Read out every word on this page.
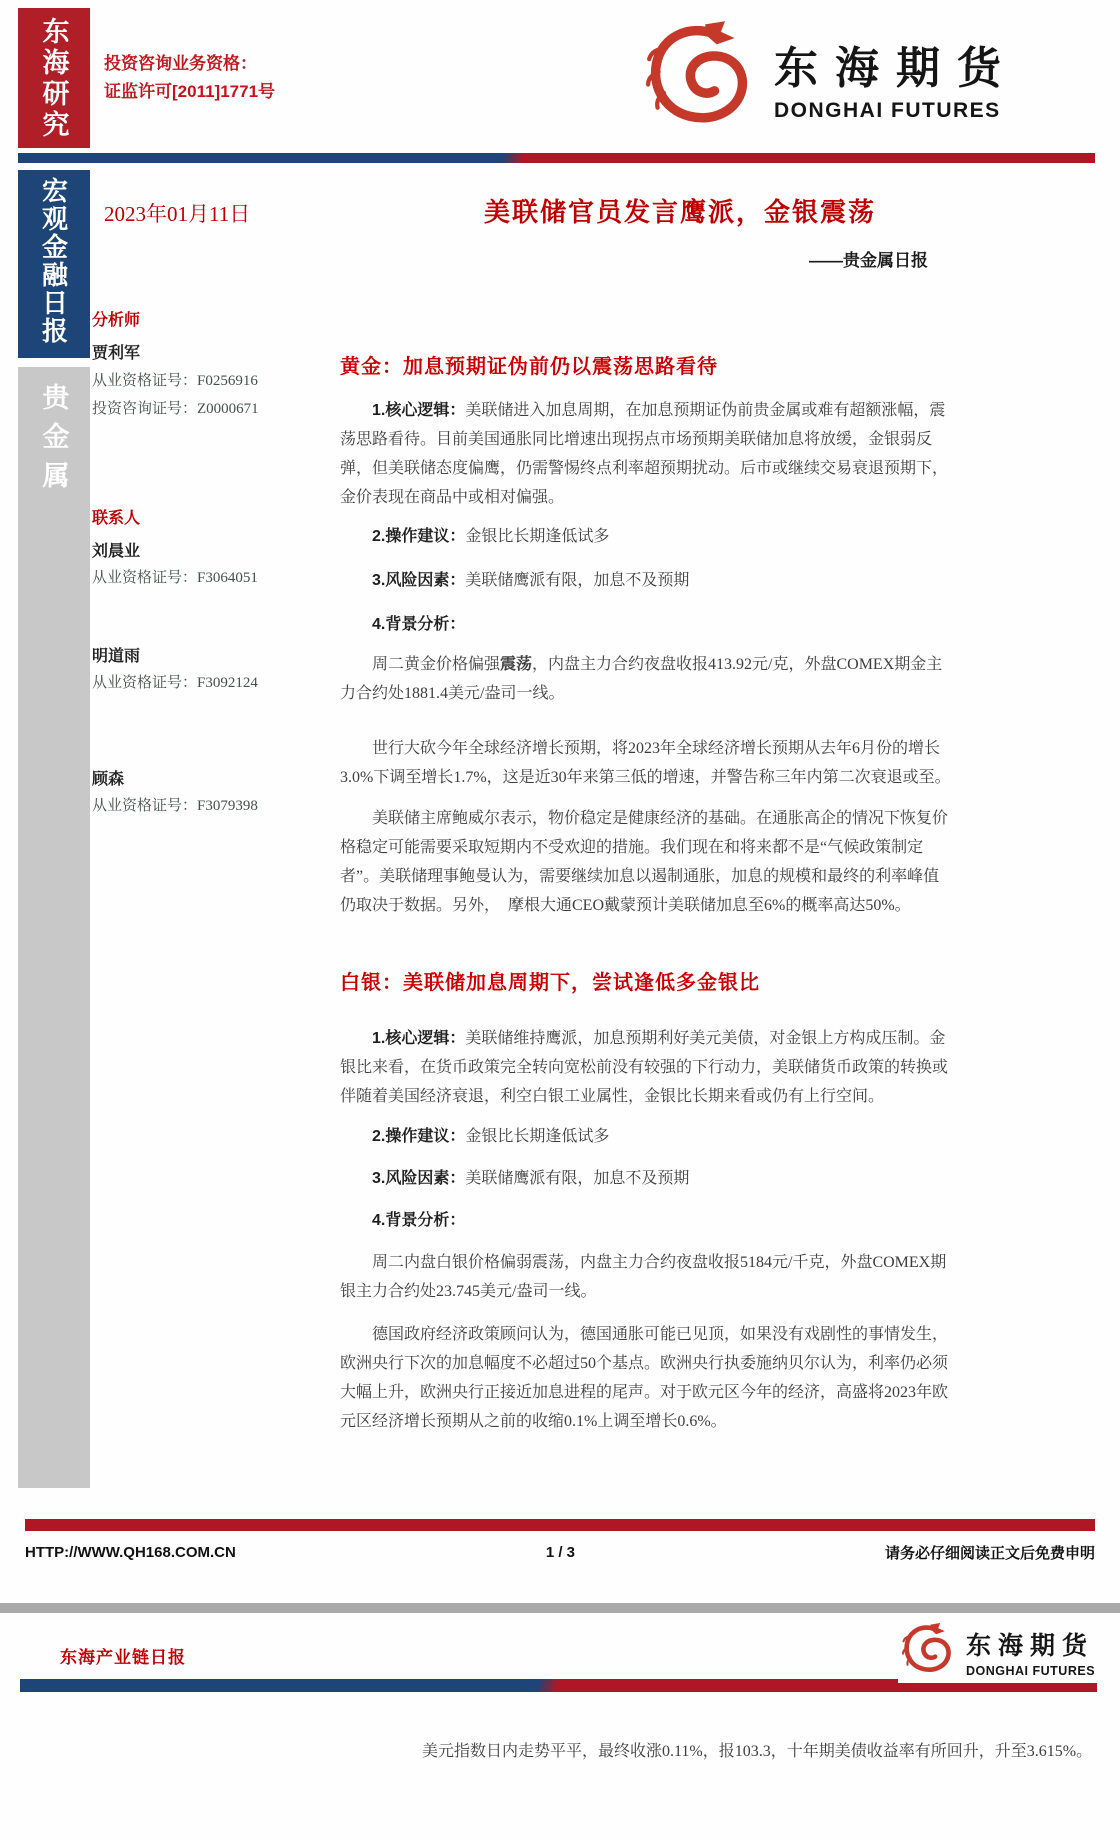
东海研究 投资咨询业务资格：
证监许可[2011]1771号	东海期货
DONGHAI FUTURES
宏观金融日报
贵金属
2023年01月11日	美联储官员发言鹰派，金银震荡
——贵金属日报
分析师
贾利军
从业资格证号：F0256916
投资咨询证号：Z0000671
联系人
刘晨业
从业资格证号：F3064051
明道雨
从业资格证号：F3092124
顾森
从业资格证号：F3079398
黄金：加息预期证伪前仍以震荡思路看待

1.核心逻辑：美联储进入加息周期，在加息预期证伪前贵金属或难有超额涨幅，震荡思路看待。目前美国通胀同比增速出现拐点市场预期美联储加息将放缓，金银弱反弹，但美联储态度偏鹰，仍需警惕终点利率超预期扰动。后市或继续交易衰退预期下，金价表现在商品中或相对偏强。

2.操作建议：金银比长期逢低试多

3.风险因素：美联储鹰派有限，加息不及预期

4.背景分析：

周二黄金价格偏强震荡，内盘主力合约夜盘收报413.92元/克，外盘COMEX期金主力合约处1881.4美元/盎司一线。

世行大砍今年全球经济增长预期，将2023年全球经济增长预期从去年6月份的增长3.0%下调至增长1.7%，这是近30年来第三低的增速，并警告称三年内第二次衰退或至。

美联储主席鲍威尔表示，物价稳定是健康经济的基础。在通胀高企的情况下恢复价格稳定可能需要采取短期内不受欢迎的措施。我们现在和将来都不是“气候政策制定者”。美联储理事鲍曼认为，需要继续加息以遏制通胀，加息的规模和最终的利率峰值仍取决于数据。另外，　摩根大通CEO戴蒙预计美联储加息至6%的概率高达50%。

白银：美联储加息周期下，尝试逢低多金银比

1.核心逻辑：美联储维持鹰派，加息预期利好美元美债，对金银上方构成压制。金银比来看，在货币政策完全转向宽松前没有较强的下行动力，美联储货币政策的转换或伴随着美国经济衰退，利空白银工业属性，金银比长期来看或仍有上行空间。

2.操作建议：金银比长期逢低试多

3.风险因素：美联储鹰派有限，加息不及预期

4.背景分析：

周二内盘白银价格偏弱震荡，内盘主力合约夜盘收报5184元/千克，外盘COMEX期银主力合约处23.745美元/盎司一线。

德国政府经济政策顾问认为，德国通胀可能已见顶，如果没有戏剧性的事情发生，欧洲央行下次的加息幅度不必超过50个基点。欧洲央行执委施纳贝尔认为，利率仍必须大幅上升，欧洲央行正接近加息进程的尾声。对于欧元区今年的经济，高盛将2023年欧元区经济增长预期从之前的收缩0.1%上调至增长0.6%。

HTTP://WWW.QH168.COM.CN	1 / 3	请务必仔细阅读正文后免费申明
东海产业链日报	东海期货
DONGHAI FUTURES

美元指数日内走势平平，最终收涨0.11%，报103.3，十年期美债收益率有所回升，升至3.615%。
